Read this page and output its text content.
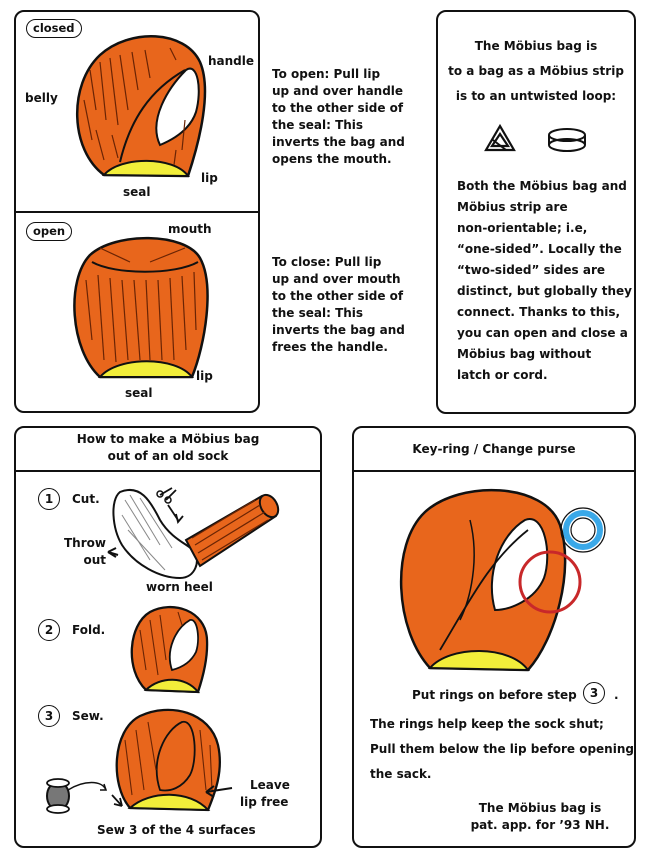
closed
belly
handle
lip
seal
open	mouth
lip
seal
To open: Pull lip
up and over handle
to the other side of
the seal: This
inverts the bag and
opens the mouth.
To close: Pull lip
up and over mouth
to the other side of
the seal: This
inverts the bag and
frees the handle.
The Möbius bag is
to a bag as a Möbius strip
is to an untwisted loop:
Both the Möbius bag and
Möbius strip are
non-orientable; i.e,
“one-sided”. Locally the
“two-sided” sides are
distinct, but globally they
connect. Thanks to this,
you can open and close a
Möbius bag without
latch or cord.
How to make a Möbius bag
out of an old sock
1	Cut.
2	Fold.
3	Sew.
Throw
out
worn heel
Leave
lip free
Sew 3 of the 4 surfaces
Key-ring / Change purse
Put rings on before step	3	.
The rings help keep the sock shut;
Pull them below the lip before opening
the sack.
The Möbius bag is
pat. app. for ’93 NH.
